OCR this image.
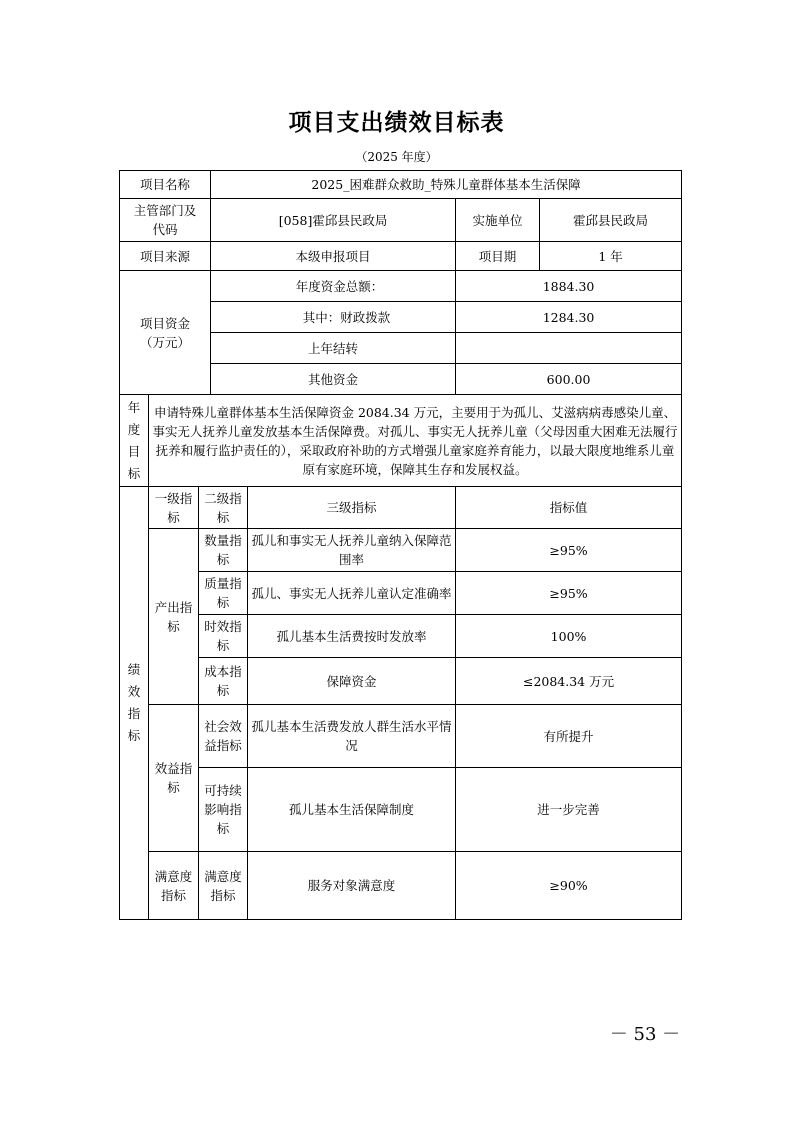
项目支出绩效目标表
（2025 年度）
项目名称			2025_困难群众救助_特殊儿童群体基本生活保障			
主管部门及代码			[058]霍邱县民政局		实施单位	霍邱县民政局
项目来源			本级申报项目		项目期	1 年
项目资金（万元）			年度资金总额：		1884.30	
			其中：财政拨款		1284.30	
			上年结转			
			其他资金		600.00	
年度目标	申请特殊儿童群体基本生活保障资金 2084.34 万元，主要用于为孤儿、艾滋病病毒感染儿童、事实无人抚养儿童发放基本生活保障费。对孤儿、事实无人抚养儿童（父母因重大困难无法履行抚养和履行监护责任的），采取政府补助的方式增强儿童家庭养育能力，以最大限度地维系儿童原有家庭环境，保障其生存和发展权益。					
绩效指标	一级指标	二级指标		三级指标	指标值	
	产出指标	数量指标		孤儿和事实无人抚养儿童纳入保障范围率	≥95%	
		质量指标		孤儿、事实无人抚养儿童认定准确率	≥95%	
		时效指标		孤儿基本生活费按时发放率	100%	
		成本指标		保障资金	≤2084.34 万元	
	效益指标	社会效益指标		孤儿基本生活费发放人群生活水平情况	有所提升	
		可持续影响指标		孤儿基本生活保障制度	进一步完善	
	满意度指标	满意度指标		服务对象满意度	≥90%	
－ 53 －
